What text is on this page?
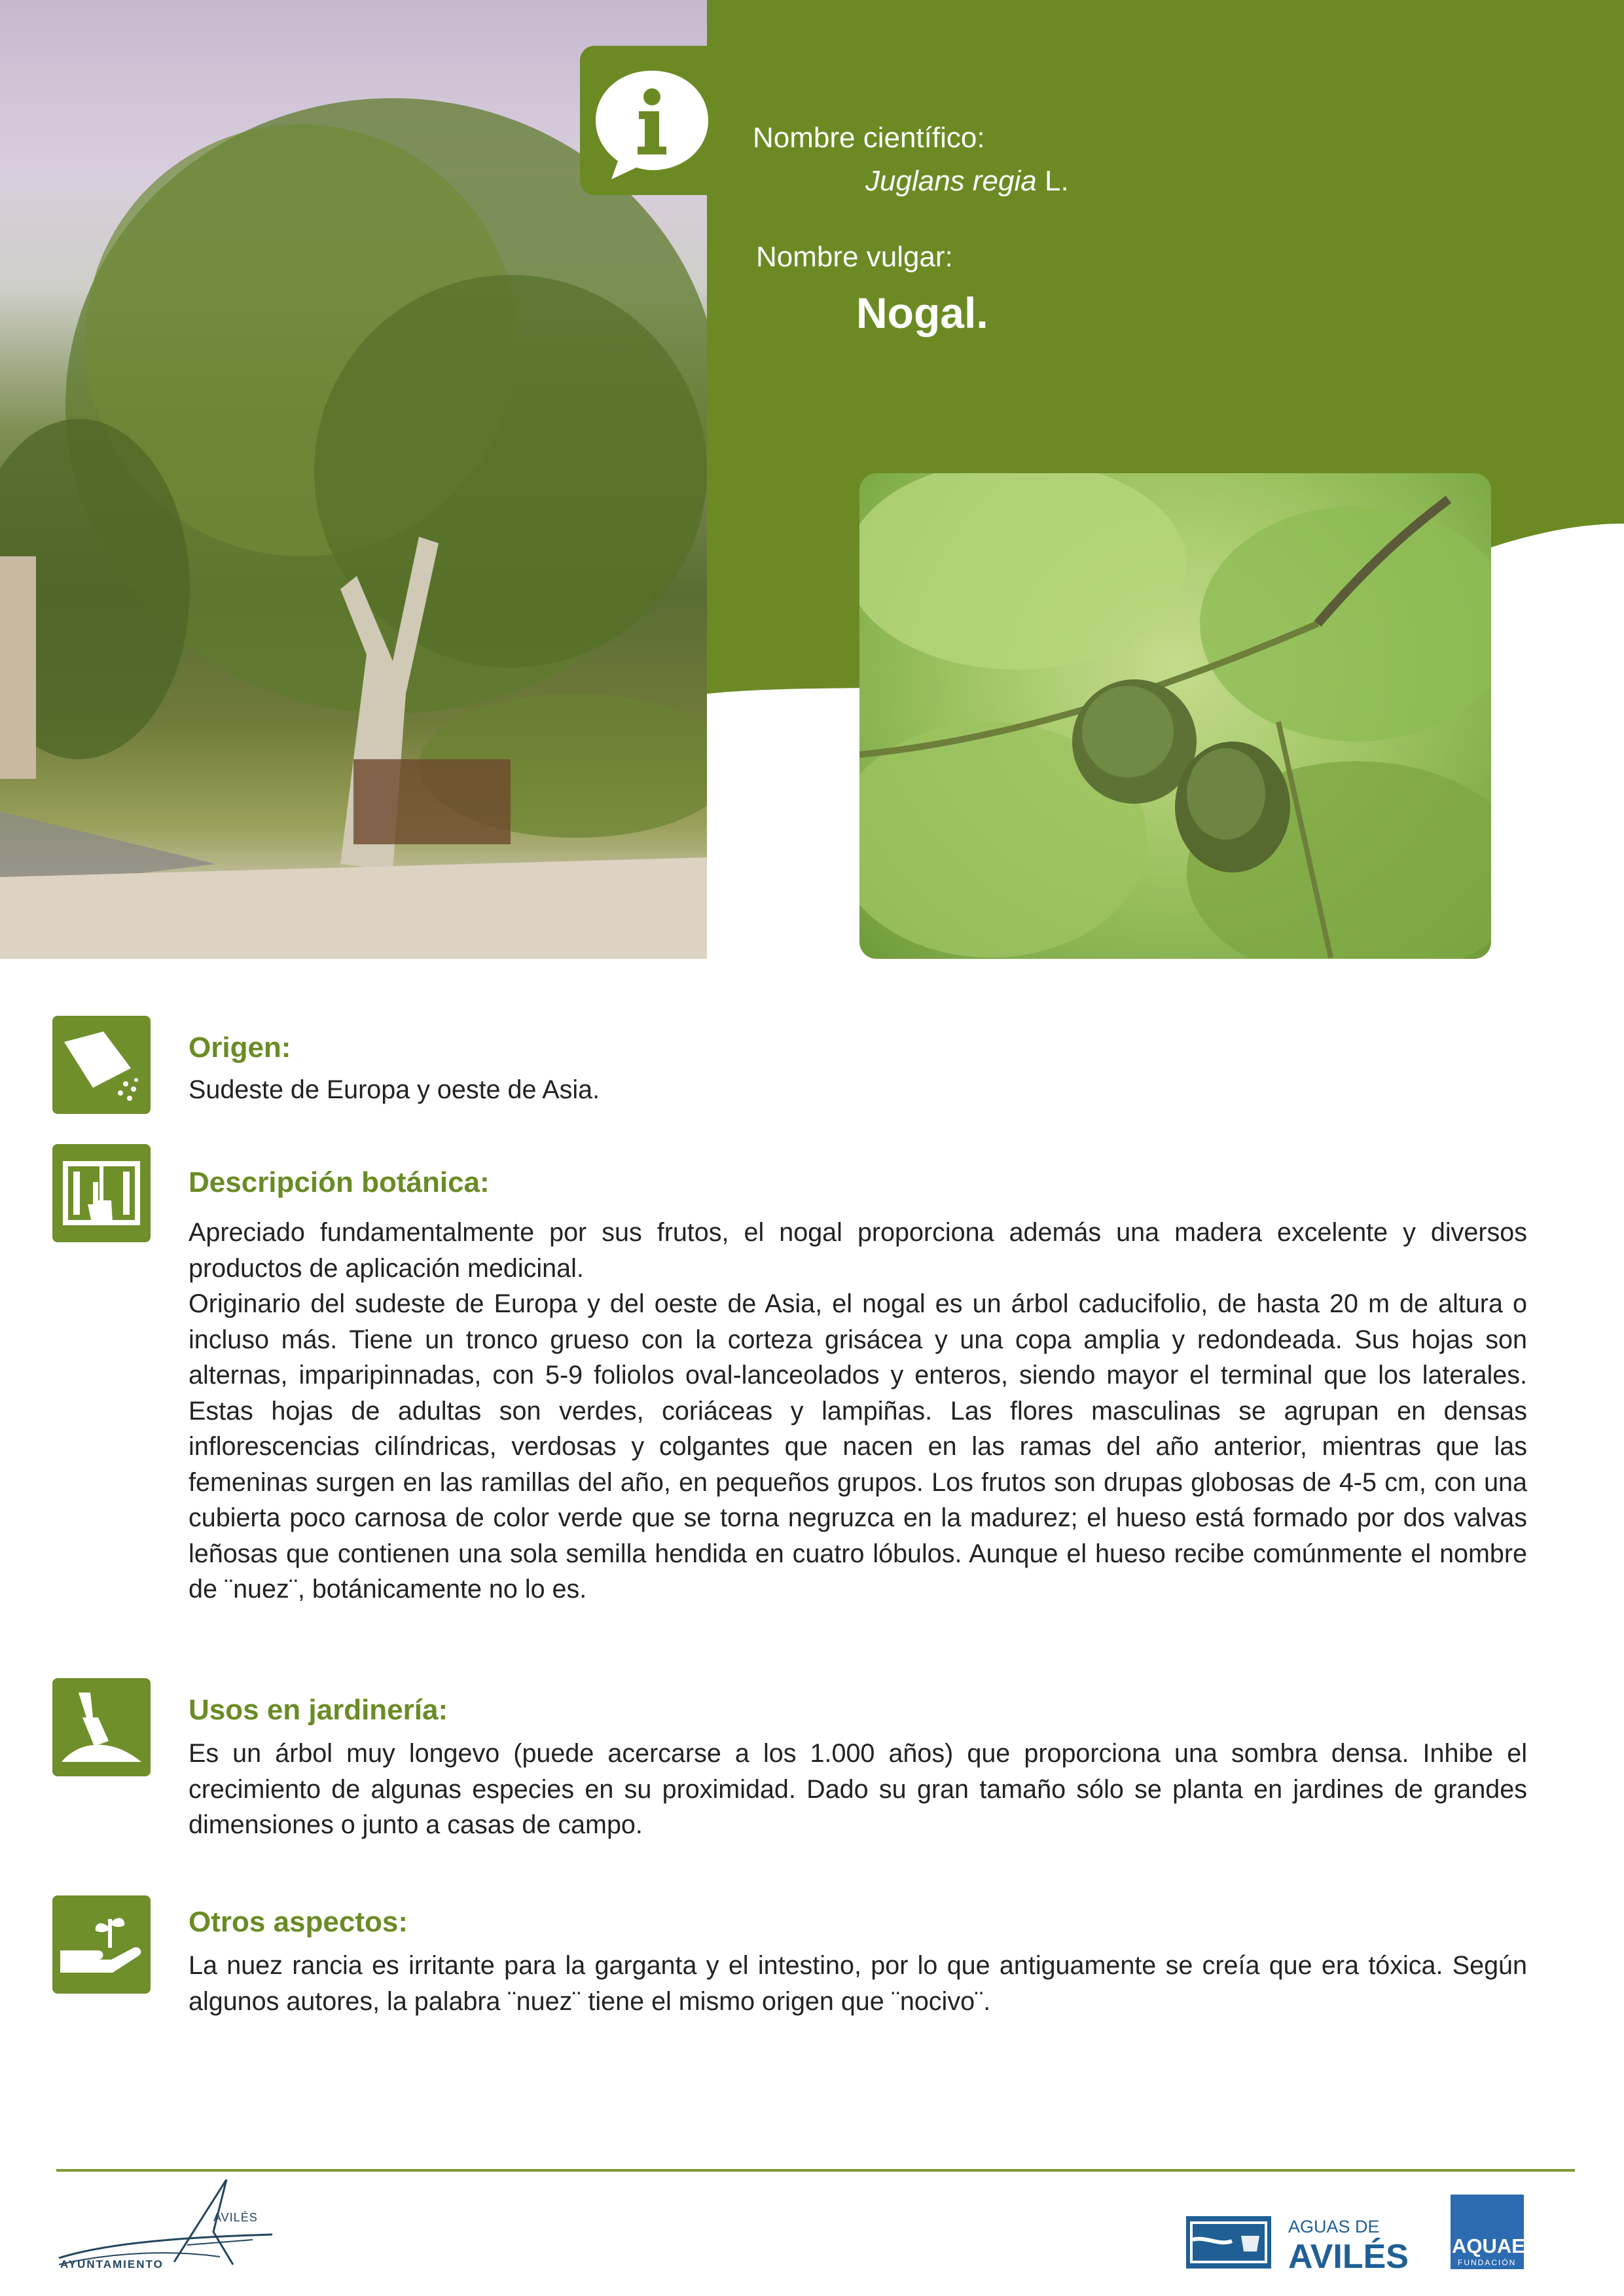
Nombre científico:
Juglans regia L.
Nombre vulgar:
Nogal.
Origen:

Sudeste de Europa y oeste de Asia.

Descripción botánica:

Apreciado fundamentalmente por sus frutos, el nogal proporciona además una madera excelente y diversos productos de aplicación medicinal.

Originario del sudeste de Europa y del oeste de Asia, el nogal es un árbol caducifolio, de hasta 20 m de altura o incluso más. Tiene un tronco grueso con la corteza grisácea y una copa amplia y redondeada. Sus hojas son alternas, imparipinnadas, con 5-9 foliolos oval-lanceolados y enteros, siendo mayor el terminal que los laterales. Estas hojas de adultas son verdes, coriáceas y lampiñas. Las flores masculinas se agrupan en densas inflorescencias cilíndricas, verdosas y colgantes que nacen en las ramas del año anterior, mientras que las femeninas surgen en las ramillas del año, en pequeños grupos. Los frutos son drupas globosas de 4-5 cm, con una cubierta poco carnosa de color verde que se torna negruzca en la madurez; el hueso está formado por dos valvas leñosas que contienen una sola semilla hendida en cuatro lóbulos. Aunque el hueso recibe comúnmente el nombre de ¨nuez¨, botánicamente no lo es.

Usos en jardinería:

Es un árbol muy longevo (puede acercarse a los 1.000 años) que proporciona una sombra densa. Inhibe el crecimiento de algunas especies en su proximidad. Dado su gran tamaño sólo se planta en jardines de grandes dimensiones o junto a casas de campo.

Otros aspectos:

La nuez rancia es irritante para la garganta y el intestino, por lo que antiguamente se creía que era tóxica. Según algunos autores, la palabra ¨nuez¨ tiene el mismo origen que ¨nocivo¨.

AVILÉS
AYUNTAMIENTO
AGUAS DE
AVILÉS AQUAE
FUNDACIÓN
